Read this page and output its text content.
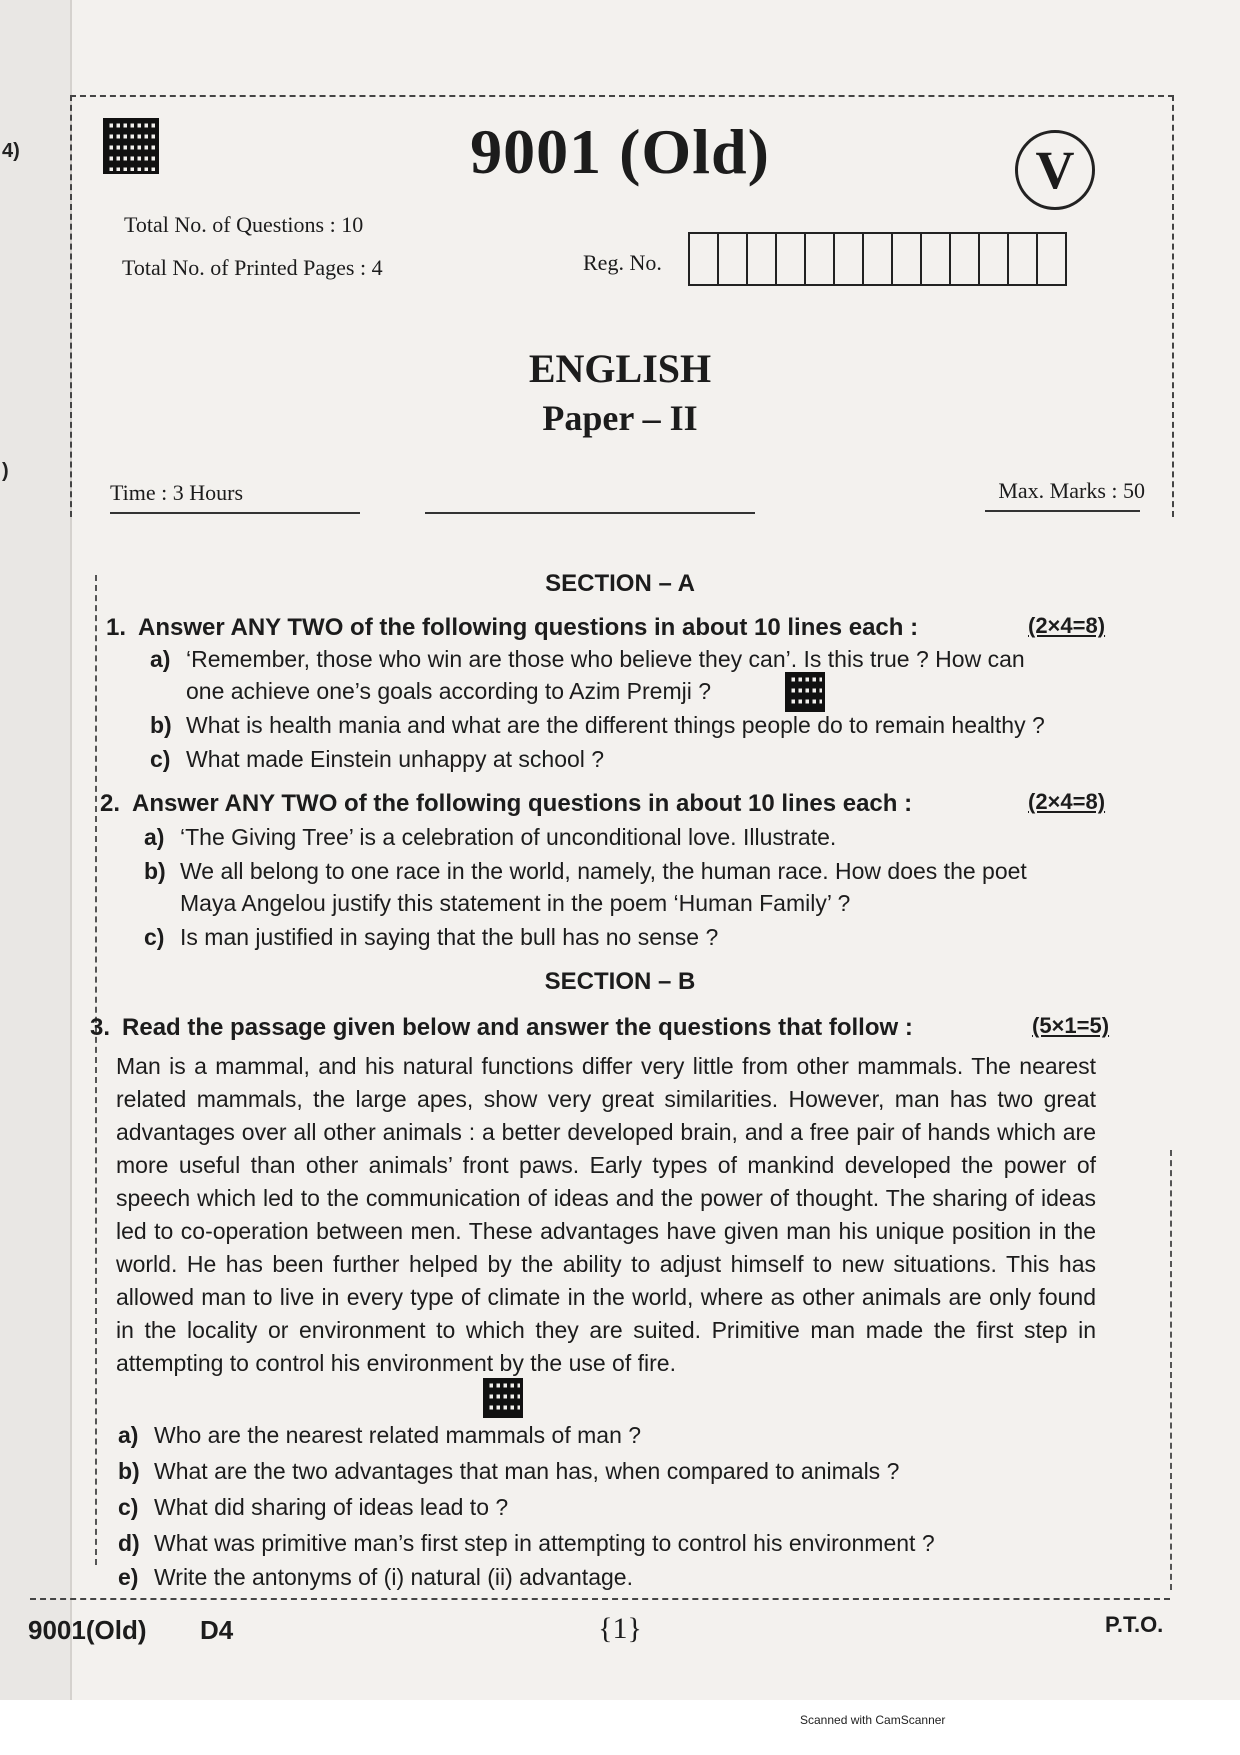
4)
)
9001 (Old)	V
Total No. of Questions : 10
Total No. of Printed Pages : 4	Reg. No.
ENGLISH
Paper – II
Time : 3 Hours	Max. Marks : 50
SECTION – A
1. Answer ANY TWO of the following questions in about 10 lines each :	(2×4=8)
a) ‘Remember, those who win are those who believe they can’. Is this true ? How can
one achieve one’s goals according to Azim Premji ?
b) What is health mania and what are the different things people do to remain healthy ?
c) What made Einstein unhappy at school ?
2. Answer ANY TWO of the following questions in about 10 lines each :	(2×4=8)
a) ‘The Giving Tree’ is a celebration of unconditional love. Illustrate.
b) We all belong to one race in the world, namely, the human race. How does the poet
Maya Angelou justify this statement in the poem ‘Human Family’ ?
c) Is man justified in saying that the bull has no sense ?
SECTION – B
3. Read the passage given below and answer the questions that follow :	(5×1=5)
Man is a mammal, and his natural functions differ very little from other mammals. The nearest related mammals, the large apes, show very great similarities. However, man has two great advantages over all other animals : a better developed brain, and a free pair of hands which are more useful than other animals’ front paws. Early types of mankind developed the power of speech which led to the communication of ideas and the power of thought. The sharing of ideas led to co-operation between men. These advantages have given man his unique position in the world. He has been further helped by the ability to adjust himself to new situations. This has allowed man to live in every type of climate in the world, where as other animals are only found in the locality or environment to which they are suited. Primitive man made the first step in attempting to control his environment by the use of fire.
a) Who are the nearest related mammals of man ?
b) What are the two advantages that man has, when compared to animals ?
c) What did sharing of ideas lead to ?
d) What was primitive man’s first step in attempting to control his environment ?
e) Write the antonyms of (i) natural (ii) advantage.
9001(Old) D4	{1}	P.T.O.
Scanned with CamScanner
